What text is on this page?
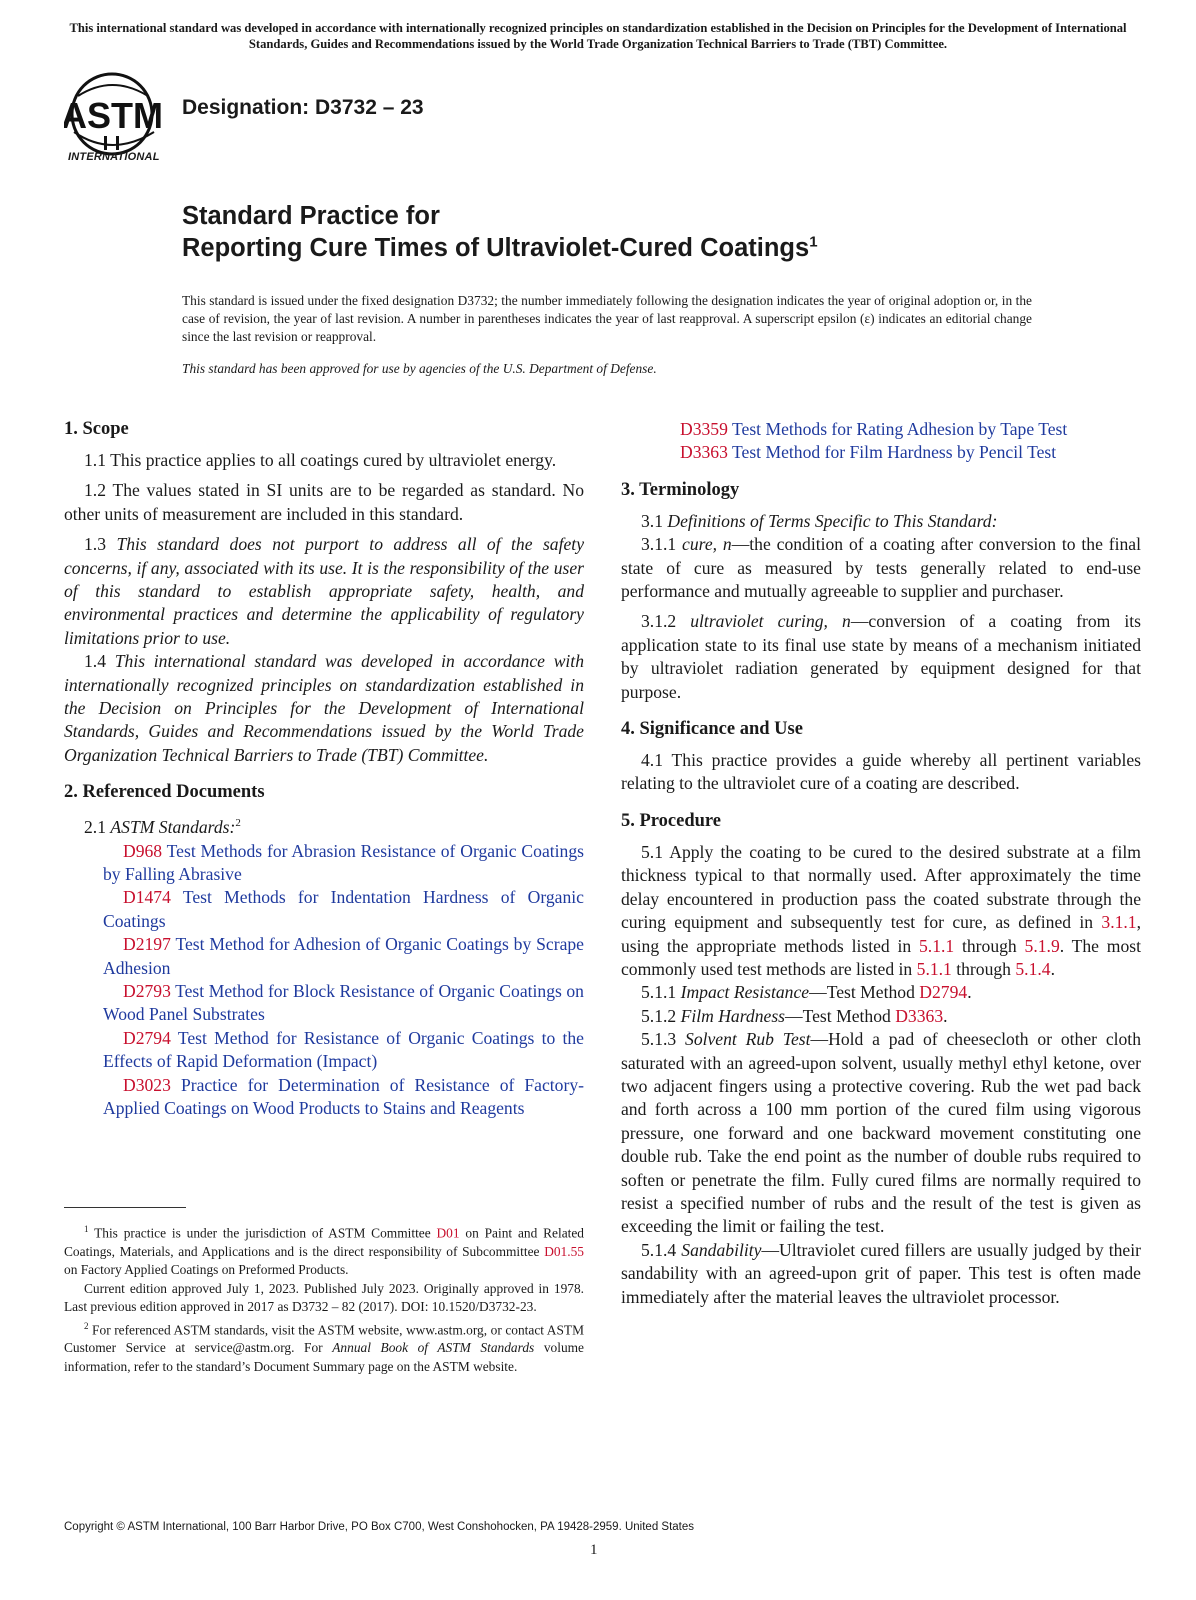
This international standard was developed in accordance with internationally recognized principles on standardization established in the Decision on Principles for the Development of International Standards, Guides and Recommendations issued by the World Trade Organization Technical Barriers to Trade (TBT) Committee.
ASTM
INTERNATIONAL
Designation: D3732 – 23
Standard Practice for
Reporting Cure Times of Ultraviolet-Cured Coatings$^1$
This standard is issued under the fixed designation D3732; the number immediately following the designation indicates the year of original adoption or, in the case of revision, the year of last revision. A number in parentheses indicates the year of last reapproval. A superscript epsilon (ε) indicates an editorial change since the last revision or reapproval.
This standard has been approved for use by agencies of the U.S. Department of Defense.
1. Scope

1.1 This practice applies to all coatings cured by ultraviolet energy.

1.2 The values stated in SI units are to be regarded as standard. No other units of measurement are included in this standard.

1.3 This standard does not purport to address all of the safety concerns, if any, associated with its use. It is the responsibility of the user of this standard to establish appropriate safety, health, and environmental practices and determine the applicability of regulatory limitations prior to use.

1.4 This international standard was developed in accordance with internationally recognized principles on standardization established in the Decision on Principles for the Development of International Standards, Guides and Recommendations issued by the World Trade Organization Technical Barriers to Trade (TBT) Committee.

2. Referenced Documents

2.1 ASTM Standards:$^2$

D968 Test Methods for Abrasion Resistance of Organic Coatings by Falling Abrasive

D1474 Test Methods for Indentation Hardness of Organic Coatings

D2197 Test Method for Adhesion of Organic Coatings by Scrape Adhesion

D2793 Test Method for Block Resistance of Organic Coatings on Wood Panel Substrates

D2794 Test Method for Resistance of Organic Coatings to the Effects of Rapid Deformation (Impact)

D3023 Practice for Determination of Resistance of Factory-Applied Coatings on Wood Products to Stains and Reagents

$^1$ This practice is under the jurisdiction of ASTM Committee D01 on Paint and Related Coatings, Materials, and Applications and is the direct responsibility of Subcommittee D01.55 on Factory Applied Coatings on Preformed Products.

Current edition approved July 1, 2023. Published July 2023. Originally approved in 1978. Last previous edition approved in 2017 as D3732 – 82 (2017). DOI: 10.1520/D3732-23.

$^2$ For referenced ASTM standards, visit the ASTM website, www.astm.org, or contact ASTM Customer Service at service@astm.org. For Annual Book of ASTM Standards volume information, refer to the standard’s Document Summary page on the ASTM website.

D3359 Test Methods for Rating Adhesion by Tape Test

D3363 Test Method for Film Hardness by Pencil Test

3. Terminology

3.1 Definitions of Terms Specific to This Standard:

3.1.1 cure, n—the condition of a coating after conversion to the final state of cure as measured by tests generally related to end-use performance and mutually agreeable to supplier and purchaser.

3.1.2 ultraviolet curing, n—conversion of a coating from its application state to its final use state by means of a mechanism initiated by ultraviolet radiation generated by equipment designed for that purpose.

4. Significance and Use

4.1 This practice provides a guide whereby all pertinent variables relating to the ultraviolet cure of a coating are described.

5. Procedure

5.1 Apply the coating to be cured to the desired substrate at a film thickness typical to that normally used. After approximately the time delay encountered in production pass the coated substrate through the curing equipment and subsequently test for cure, as defined in 3.1.1, using the appropriate methods listed in 5.1.1 through 5.1.9. The most commonly used test methods are listed in 5.1.1 through 5.1.4.

5.1.1 Impact Resistance—Test Method D2794.

5.1.2 Film Hardness—Test Method D3363.

5.1.3 Solvent Rub Test—Hold a pad of cheesecloth or other cloth saturated with an agreed-upon solvent, usually methyl ethyl ketone, over two adjacent fingers using a protective covering. Rub the wet pad back and forth across a 100 mm portion of the cured film using vigorous pressure, one forward and one backward movement constituting one double rub. Take the end point as the number of double rubs required to soften or penetrate the film. Fully cured films are normally required to resist a specified number of rubs and the result of the test is given as exceeding the limit or failing the test.

5.1.4 Sandability—Ultraviolet cured fillers are usually judged by their sandability with an agreed-upon grit of paper. This test is often made immediately after the material leaves the ultraviolet processor.

Copyright © ASTM International, 100 Barr Harbor Drive, PO Box C700, West Conshohocken, PA 19428-2959. United States
1
